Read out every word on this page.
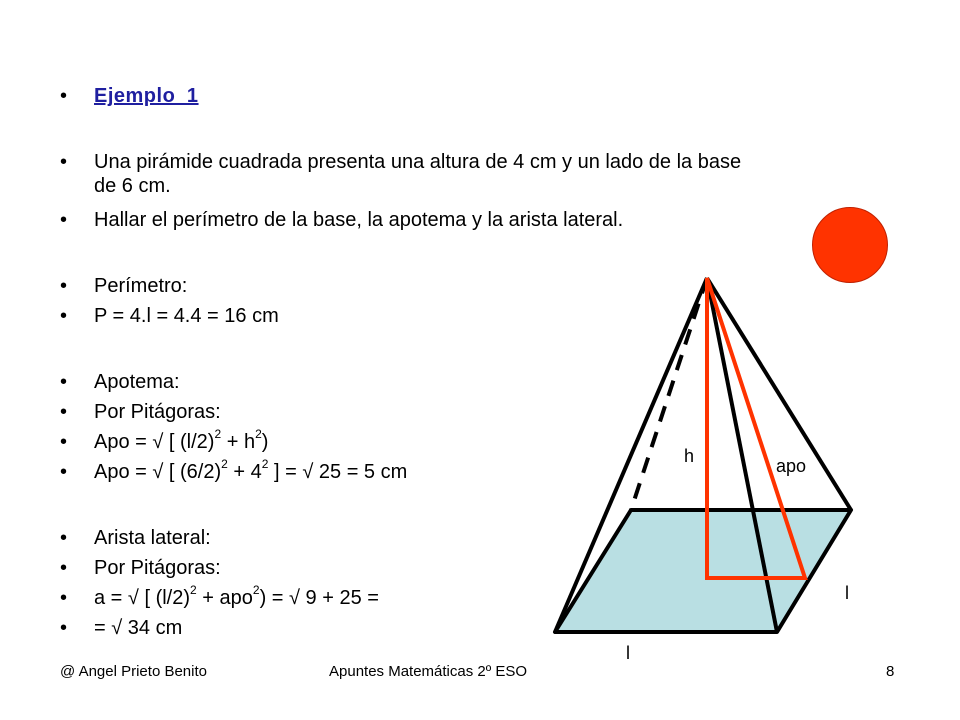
• Ejemplo_1
• Una pirámide cuadrada presenta una altura de 4 cm y un lado de la base de 6 cm.
• Hallar el perímetro de la base, la apotema y la arista lateral.
• Perímetro:
• P = 4.l = 4.4 = 16 cm
• Apotema:
• Por Pitágoras:
• Apo = √ [ $(l/2)^2 + h^2$)
• Apo = √ [ $(6/2)^2 + 4^2$ ] = √ 25 = 5 cm
• Arista lateral:
• Por Pitágoras:
• a = √ [ $(l/2)^2 + apo^2$) = √ 9 + 25 =
• = √ 34 cm
h	apo
l
l
@ Angel Prieto Benito	Apuntes Matemáticas 2º ESO	8
